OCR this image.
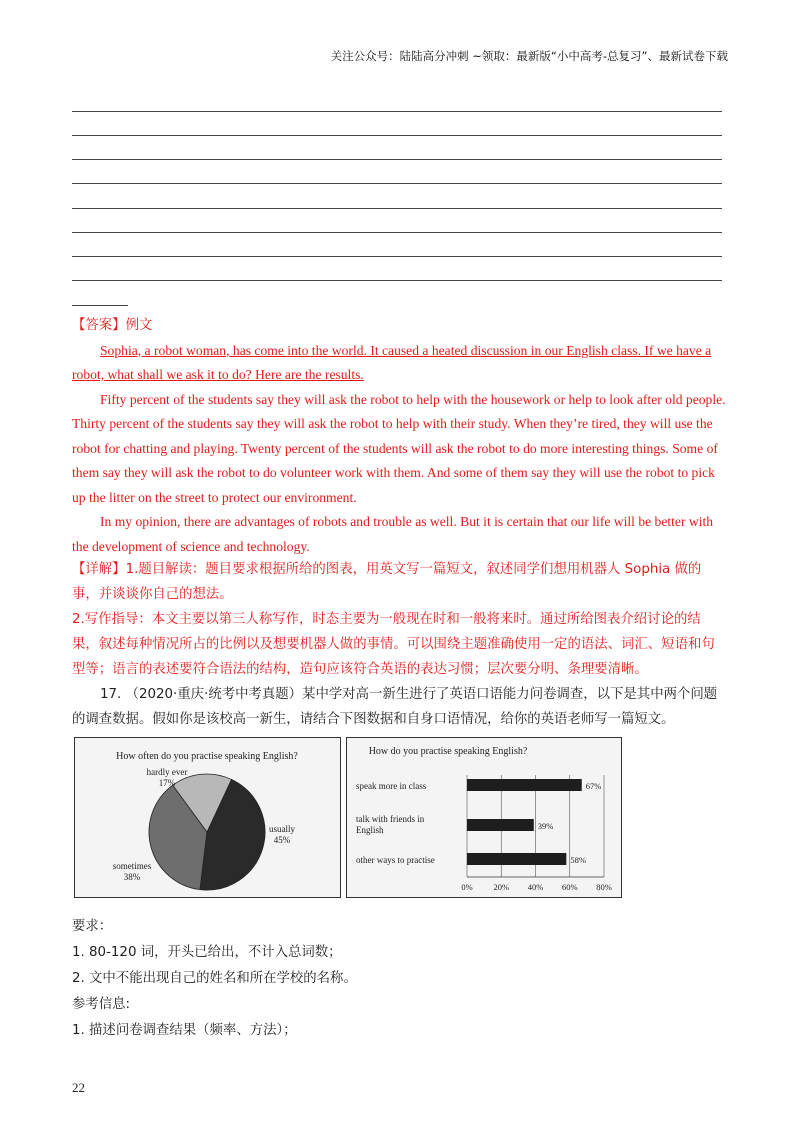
关注公众号：陆陆高分冲刺 ~领取：最新版“小中高考-总复习”、最新试卷下载

【答案】例文

Sophia, a robot woman, has come into the world. It caused a heated discussion in our English class. If we have a robot, what shall we ask it to do? Here are the results.

Fifty percent of the students say they will ask the robot to help with the housework or help to look after old people. Thirty percent of the students say they will ask the robot to help with their study. When they’re tired, they will use the robot for chatting and playing. Twenty percent of the students will ask the robot to do more interesting things. Some of them say they will ask the robot to do volunteer work with them. And some of them say they will use the robot to pick up the litter on the street to protect our environment.

In my opinion, there are advantages of robots and trouble as well. But it is certain that our life will be better with the development of science and technology.

【详解】1.题目解读：题目要求根据所给的图表，用英文写一篇短文，叙述同学们想用机器人 Sophia 做的事，并谈谈你自己的想法。
2.写作指导：本文主要以第三人称写作，时态主要为一般现在时和一般将来时。通过所给图表介绍讨论的结果，叙述每种情况所占的比例以及想要机器人做的事情。可以围绕主题准确使用一定的语法、词汇、短语和句型等；语言的表述要符合语法的结构，造句应该符合英语的表达习惯；层次要分明、条理要清晰。

17. （2020·重庆·统考中考真题）某中学对高一新生进行了英语口语能力问卷调查，以下是其中两个问题的调查数据。假如你是该校高一新生，请结合下图数据和自身口语情况，给你的英语老师写一篇短文。

How often do you practise speaking English?
usually
45%
sometimes
38%
hardly ever
17%
How do you practise speaking English?
67%
39%
58%
speak more in class
talk with friends in
English
other ways to practise
0% 20% 40% 60% 80%

要求：

1. 80-120 词，开头已给出，不计入总词数；

2. 文中不能出现自己的姓名和所在学校的名称。

参考信息:

1. 描述问卷调查结果（频率、方法）；

22
